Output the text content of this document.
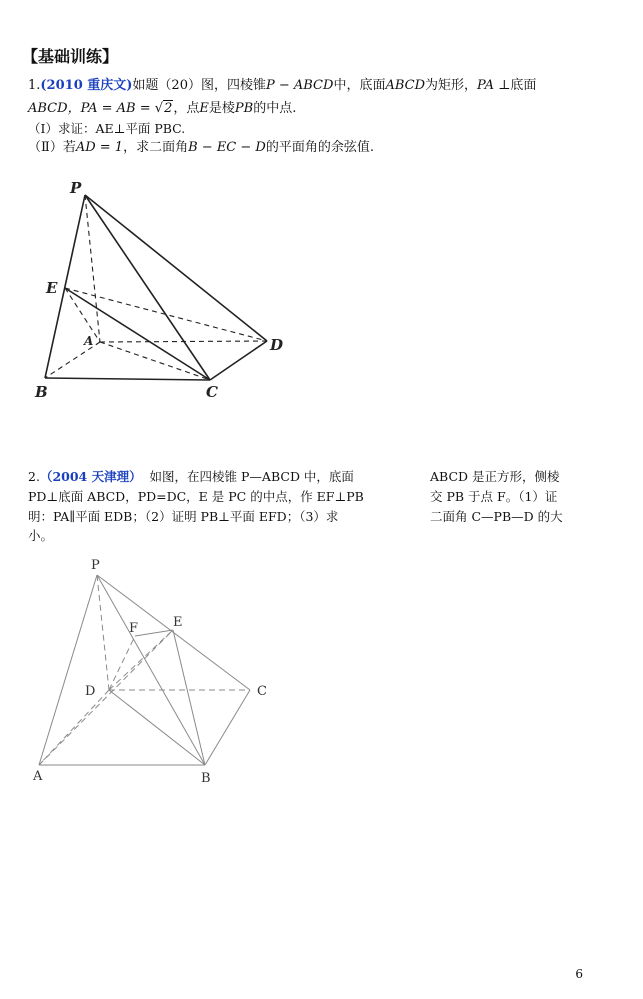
【基础训练】
1.(2010 重庆文)如题（20）图，四棱锥P − ABCD中，底面ABCD为矩形，PA ⊥底面
ABCD，PA = AB = √2，点E是棱PB的中点.
（Ⅰ）求证：AE⊥平面 PBC.
（Ⅱ）若AD = 1，求二面角B − EC − D的平面角的余弦值.
P
E
A
B	C
D
2.（2004 天津理） 如图，在四棱锥 P—ABCD 中，底面	ABCD 是正方形，侧棱
PD⊥底面 ABCD，PD=DC，E 是 PC 的中点，作 EF⊥PB	交 PB 于点 F。（1）证
明：PA∥平面 EDB；（2）证明 PB⊥平面 EFD；（3）求	二面角 C—PB—D 的大
小。
P
F	E
D	C
A	B
6
